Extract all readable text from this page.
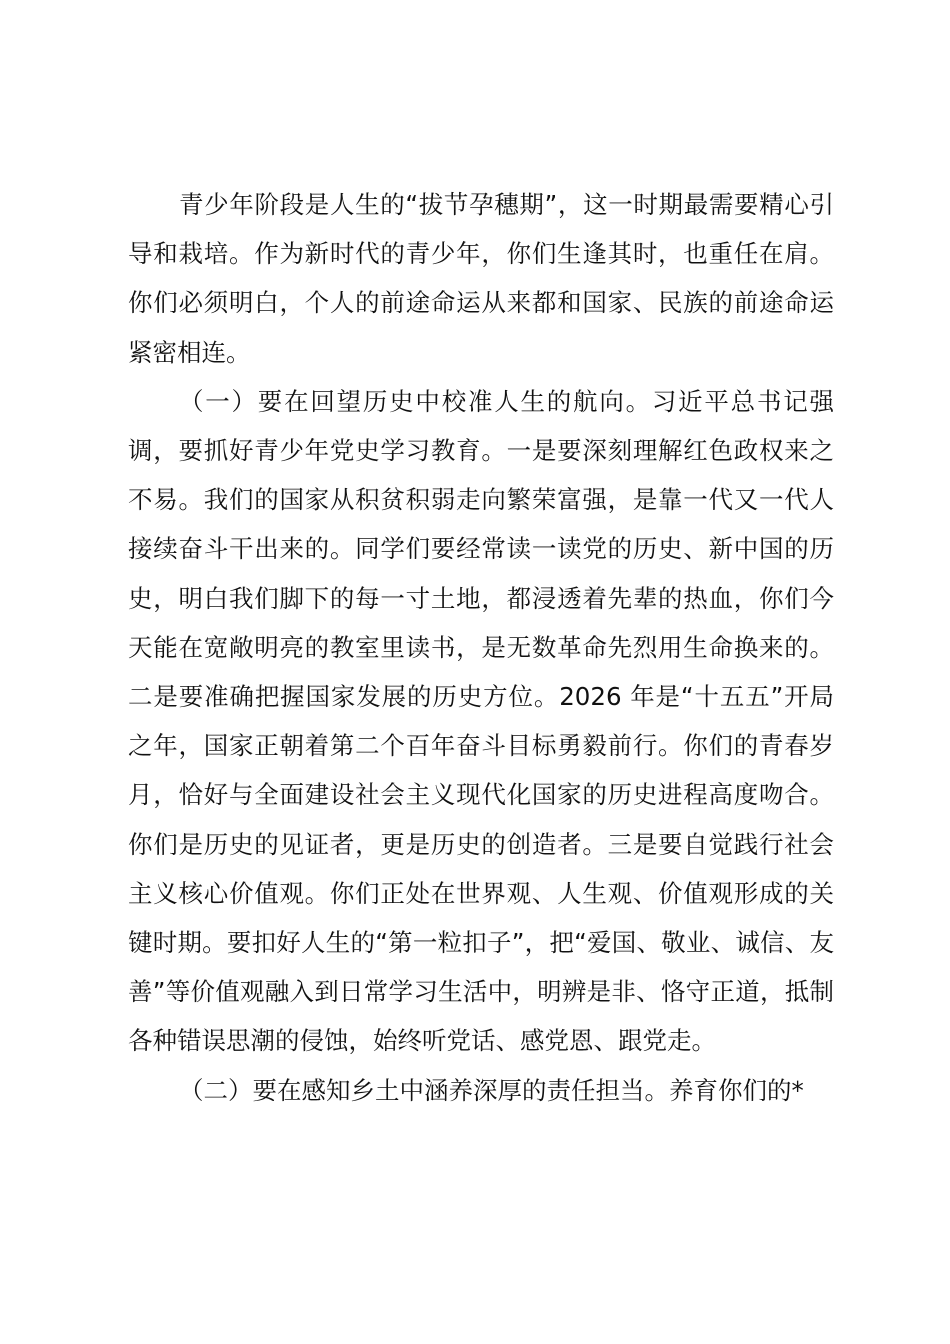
青少年阶段是人生的“拔节孕穗期”，这一时期最需要精心引导和栽培。作为新时代的青少年，你们生逢其时，也重任在肩。你们必须明白，个人的前途命运从来都和国家、民族的前途命运紧密相连。

（一）要在回望历史中校准人生的航向。习近平总书记强调，要抓好青少年党史学习教育。一是要深刻理解红色政权来之不易。我们的国家从积贫积弱走向繁荣富强，是靠一代又一代人接续奋斗干出来的。同学们要经常读一读党的历史、新中国的历史，明白我们脚下的每一寸土地，都浸透着先辈的热血，你们今天能在宽敞明亮的教室里读书，是无数革命先烈用生命换来的。二是要准确把握国家发展的历史方位。2026 年是“十五五”开局之年，国家正朝着第二个百年奋斗目标勇毅前行。你们的青春岁月，恰好与全面建设社会主义现代化国家的历史进程高度吻合。你们是历史的见证者，更是历史的创造者。三是要自觉践行社会主义核心价值观。你们正处在世界观、人生观、价值观形成的关键时期。要扣好人生的“第一粒扣子”，把“爱国、敬业、诚信、友善”等价值观融入到日常学习生活中，明辨是非、恪守正道，抵制各种错误思潮的侵蚀，始终听党话、感党恩、跟党走。

（二）要在感知乡土中涵养深厚的责任担当。养育你们的*
